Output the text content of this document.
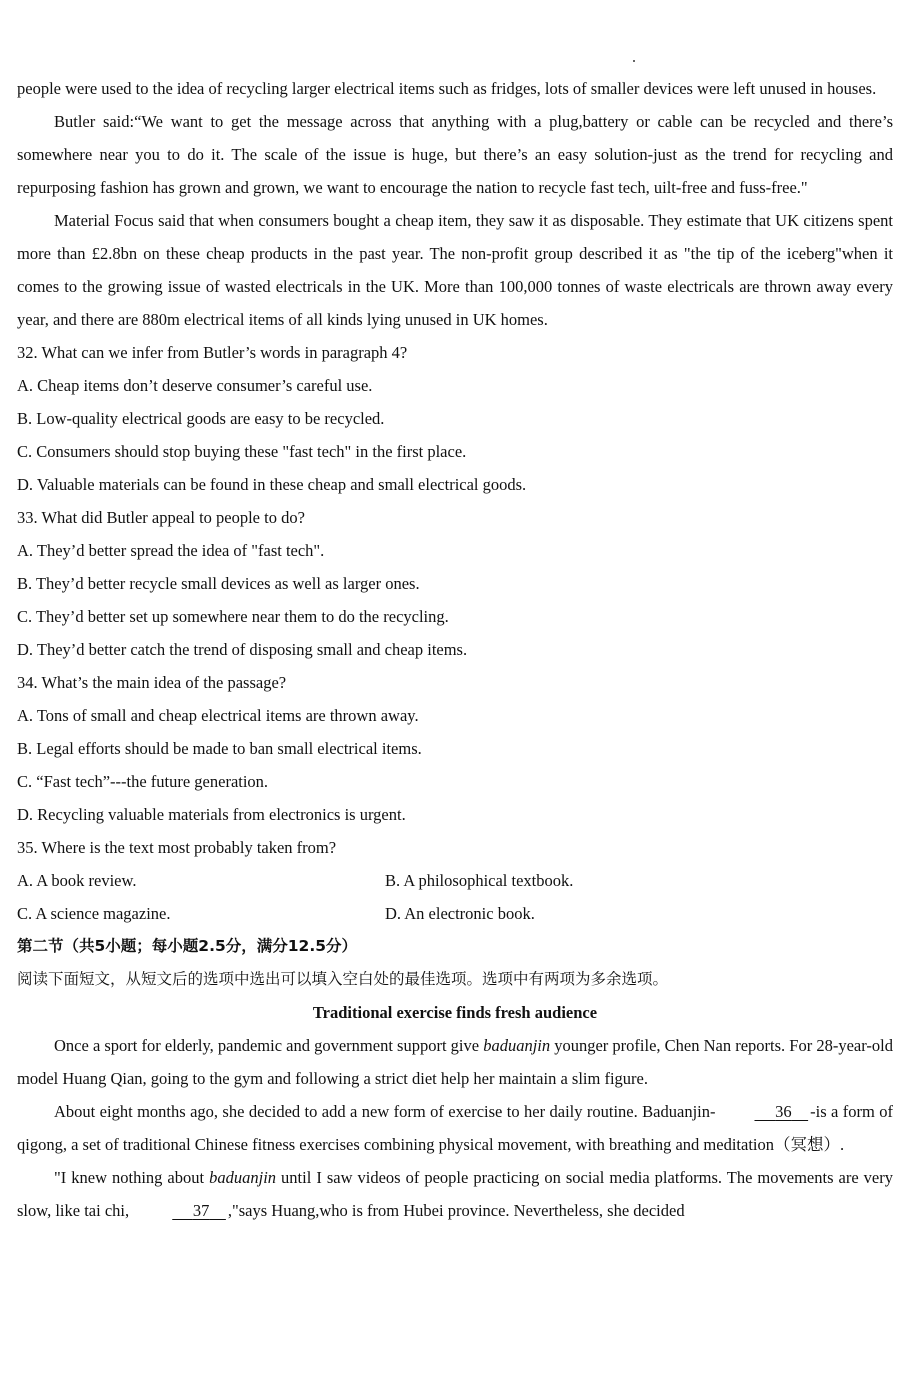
people were used to the idea of recycling larger electrical items such as fridges, lots of smaller devices were left unused in houses.

Butler said:“We want to get the message across that anything with a plug,battery or cable can be recycled and there’s somewhere near you to do it. The scale of the issue is huge, but there’s an easy solution-just as the trend for recycling and repurposing fashion has grown and grown, we want to encourage the nation to recycle fast tech, uilt-free and fuss-free."

Material Focus said that when consumers bought a cheap item, they saw it as disposable. They estimate that UK citizens spent more than £2.8bn on these cheap products in the past year. The non-profit group described it as "the tip of the iceberg"when it comes to the growing issue of wasted electricals in the UK. More than 100,000 tonnes of waste electricals are thrown away every year, and there are 880m electrical items of all kinds lying unused in UK homes.

32. What can we infer from Butler’s words in paragraph 4?

A. Cheap items don’t deserve consumer’s careful use.

B. Low-quality electrical goods are easy to be recycled.

C. Consumers should stop buying these "fast tech" in the first place.

D. Valuable materials can be found in these cheap and small electrical goods.

33. What did Butler appeal to people to do?

A. They’d better spread the idea of "fast tech".

B. They’d better recycle small devices as well as larger ones.

C. They’d better set up somewhere near them to do the recycling.

D. They’d better catch the trend of disposing small and cheap items.

34. What’s the main idea of the passage?

A. Tons of small and cheap electrical items are thrown away.

B. Legal efforts should be made to ban small electrical items.

C. “Fast tech”---the future generation.

D. Recycling valuable materials from electronics is urgent.

35. Where is the text most probably taken from?

A. A book review.	B. A philosophical textbook.

C. A science magazine.	D. An electronic book.

第二节（共5小题；每小题2.5分，满分12.5分）

阅读下面短文，从短文后的选项中选出可以填入空白处的最佳选项。选项中有两项为多余选项。

Traditional exercise finds fresh audience

Once a sport for elderly, pandemic and government support give baduanjin younger profile, Chen Nan reports. For 28-year-old model Huang Qian, going to the gym and following a strict diet help her maintain a slim figure.

About eight months ago, she decided to add a new form of exercise to her daily routine. Baduanjin-	36 -is a form of qigong, a set of traditional Chinese fitness exercises combining physical movement, with breathing and meditation（冥想）.

"I knew nothing about baduanjin until I saw videos of people practicing on social media platforms. The movements are very slow, like tai chi,	37 ,"says Huang,who is from Hubei province. Nevertheless, she decided
